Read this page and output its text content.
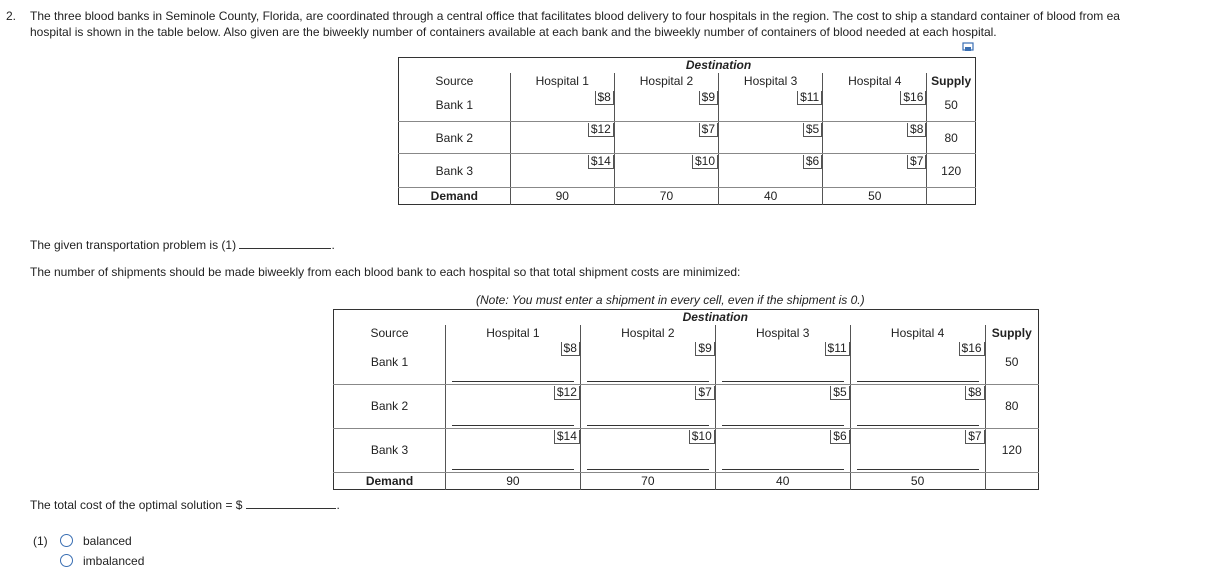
2. The three blood banks in Seminole County, Florida, are coordinated through a central office that facilitates blood delivery to four hospitals in the region. The cost to ship a standard container of blood from ea
hospital is shown in the table below. Also given are the biweekly number of containers available at each bank and the biweekly number of containers of blood needed at each hospital.
	Destination				
Source	Hospital 1	Hospital 2	Hospital 3	Hospital 4	Supply
Bank 1	$8	$9	$11	$16	50
Bank 2	$12	$7	$5	$8	80
Bank 3	$14	$10	$6	$7	120
Demand	90	70	40	50	
The given transportation problem is (1)	.
The number of shipments should be made biweekly from each blood bank to each hospital so that total shipment costs are minimized:
(Note: You must enter a shipment in every cell, even if the shipment is 0.)
	Destination				
Source	Hospital 1	Hospital 2	Hospital 3	Hospital 4	Supply
Bank 1	$8	$9	$11	$16	50
Bank 2	$12	$7	$5	$8	80
Bank 3	$14	$10	$6	$7	120
Demand	90	70	40	50	
The total cost of the optimal solution = $	.
(1)	balanced
imbalanced
